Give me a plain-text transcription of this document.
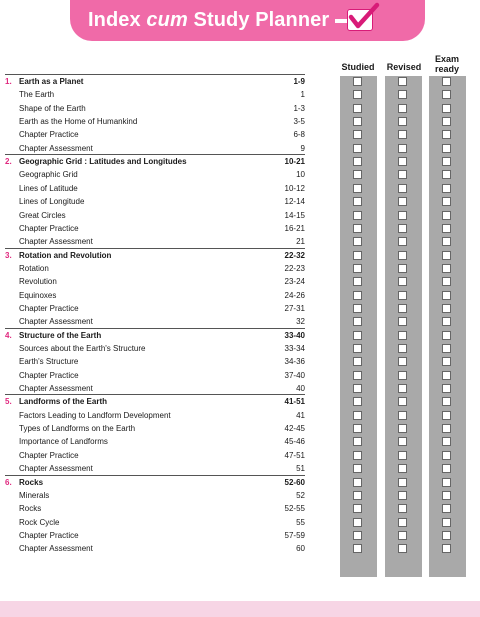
Index cum Study Planner
Studied	Revised
Exam
ready
1. Earth as a Planet	1-9
The Earth	1
Shape of the Earth	1-3
Earth as the Home of Humankind	3-5
Chapter Practice	6-8
Chapter Assessment	9
2. Geographic Grid : Latitudes and Longitudes	10-21
Geographic Grid	10
Lines of Latitude	10-12
Lines of Longitude	12-14
Great Circles	14-15
Chapter Practice	16-21
Chapter Assessment	21
3. Rotation and Revolution	22-32
Rotation	22-23
Revolution	23-24
Equinoxes	24-26
Chapter Practice	27-31
Chapter Assessment	32
4. Structure of the Earth	33-40
Sources about the Earth's Structure	33-34
Earth's Structure	34-36
Chapter Practice	37-40
Chapter Assessment	40
5. Landforms of the Earth	41-51
Factors Leading to Landform Development	41
Types of Landforms on the Earth	42-45
Importance of Landforms	45-46
Chapter Practice	47-51
Chapter Assessment	51
6. Rocks	52-60
Minerals	52
Rocks	52-55
Rock Cycle	55
Chapter Practice	57-59
Chapter Assessment	60
